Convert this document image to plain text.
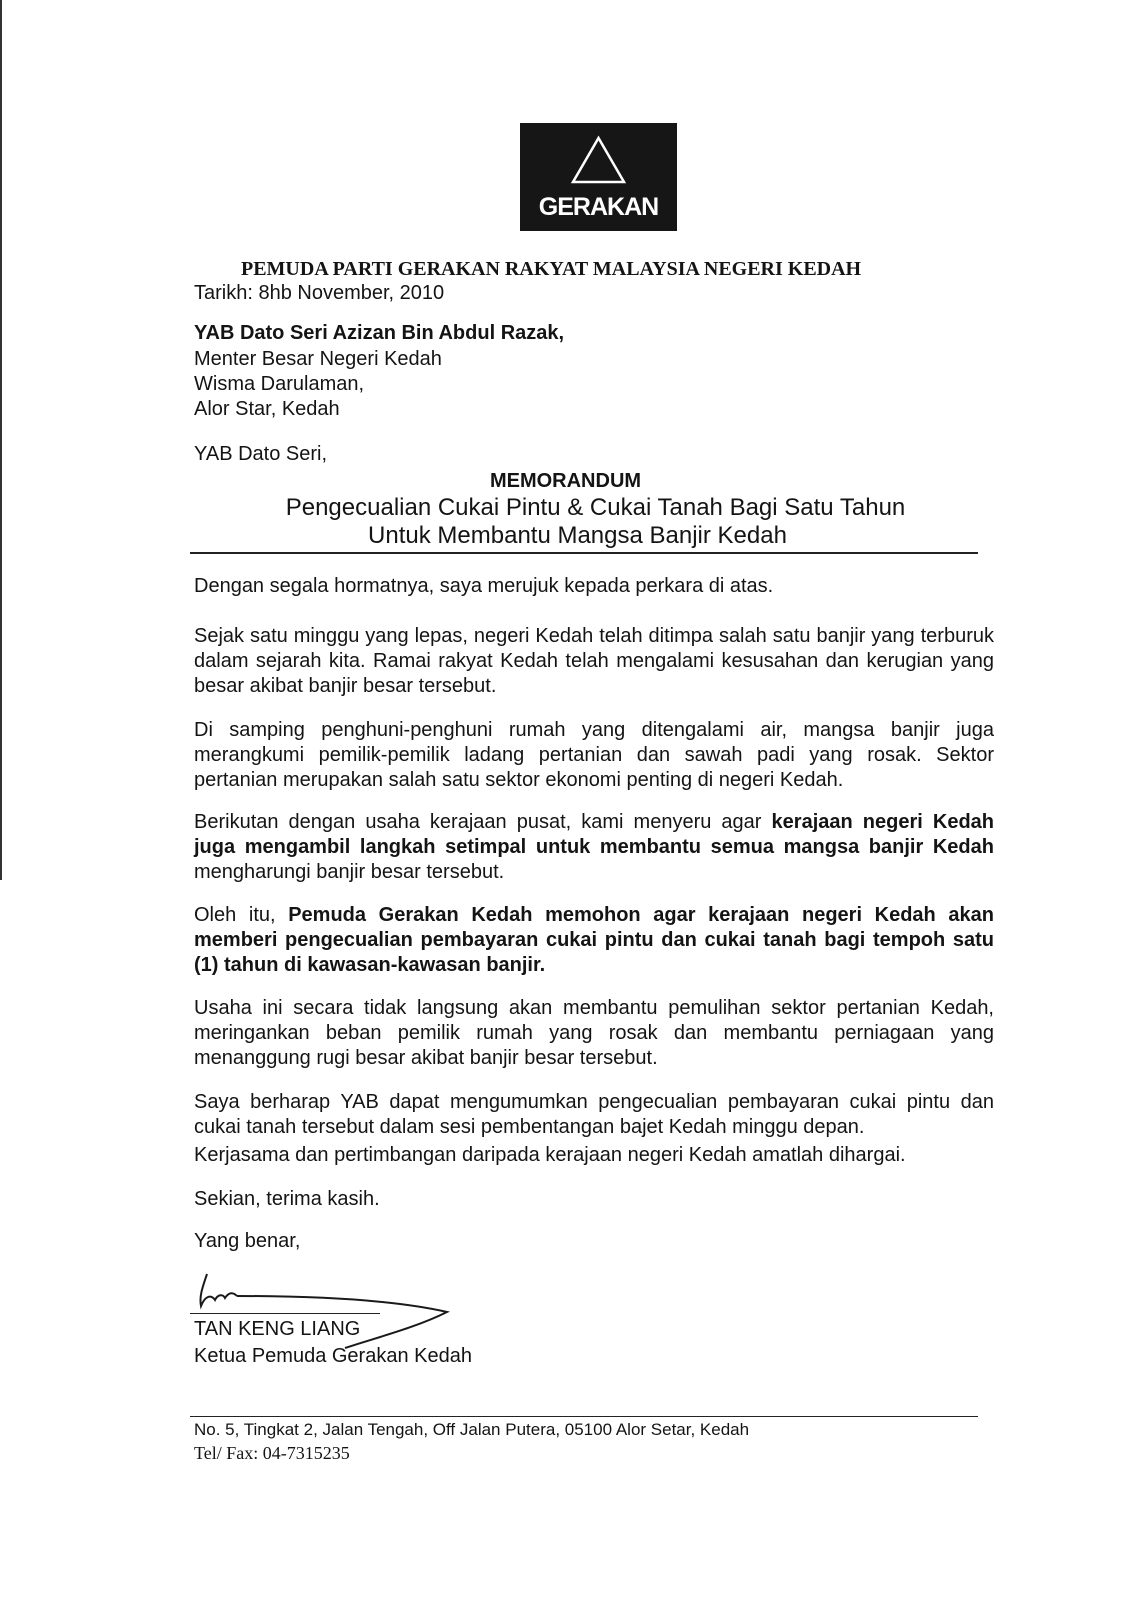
GERAKAN
PEMUDA PARTI GERAKAN RAKYAT MALAYSIA NEGERI KEDAH
Tarikh: 8hb November, 2010
YAB Dato Seri Azizan Bin Abdul Razak,
Menter Besar Negeri Kedah
Wisma Darulaman,
Alor Star, Kedah
YAB Dato Seri,
MEMORANDUM
Pengecualian Cukai Pintu & Cukai Tanah Bagi Satu Tahun
Untuk Membantu Mangsa Banjir Kedah
Dengan segala hormatnya, saya merujuk kepada perkara di atas.
Sejak satu minggu yang lepas, negeri Kedah telah ditimpa salah satu banjir yang terburuk dalam sejarah kita. Ramai rakyat Kedah telah mengalami kesusahan dan kerugian yang besar akibat banjir besar tersebut.
Di samping penghuni-penghuni rumah yang ditengalami air, mangsa banjir juga merangkumi pemilik-pemilik ladang pertanian dan sawah padi yang rosak. Sektor pertanian merupakan salah satu sektor ekonomi penting di negeri Kedah.
Berikutan dengan usaha kerajaan pusat, kami menyeru agar kerajaan negeri Kedah juga mengambil langkah setimpal untuk membantu semua mangsa banjir Kedah mengharungi banjir besar tersebut.
Oleh itu, Pemuda Gerakan Kedah memohon agar kerajaan negeri Kedah akan memberi pengecualian pembayaran cukai pintu dan cukai tanah bagi tempoh satu (1) tahun di kawasan-kawasan banjir.
Usaha ini secara tidak langsung akan membantu pemulihan sektor pertanian Kedah, meringankan beban pemilik rumah yang rosak dan membantu perniagaan yang menanggung rugi besar akibat banjir besar tersebut.
Saya berharap YAB dapat mengumumkan pengecualian pembayaran cukai pintu dan cukai tanah tersebut dalam sesi pembentangan bajet Kedah minggu depan.
Kerjasama dan pertimbangan daripada kerajaan negeri Kedah amatlah dihargai.
Sekian, terima kasih.
Yang benar,
TAN KENG LIANG
Ketua Pemuda Gerakan Kedah
No. 5, Tingkat 2, Jalan Tengah, Off Jalan Putera, 05100 Alor Setar, Kedah
Tel/ Fax: 04-7315235
